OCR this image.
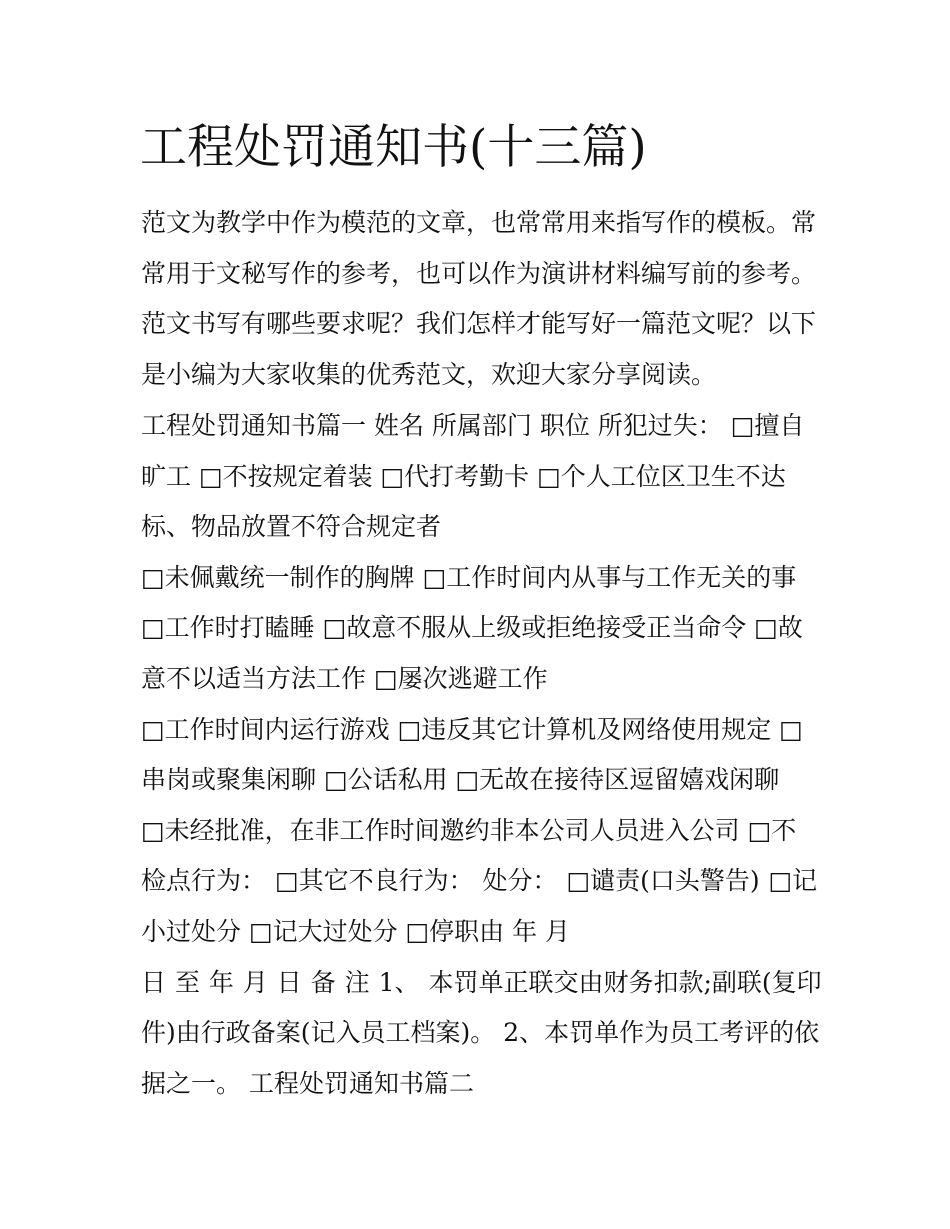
工程处罚通知书(十三篇)

范文为教学中作为模范的文章，也常常用来指写作的模板。常

常用于文秘写作的参考，也可以作为演讲材料编写前的参考。

范文书写有哪些要求呢？我们怎样才能写好一篇范文呢？以下

是小编为大家收集的优秀范文，欢迎大家分享阅读。

工程处罚通知书篇一 姓名 所属部门 职位 所犯过失： □擅自

旷工 □不按规定着装 □代打考勤卡 □个人工位区卫生不达

标、物品放置不符合规定者

□未佩戴统一制作的胸牌 □工作时间内从事与工作无关的事

□工作时打瞌睡 □故意不服从上级或拒绝接受正当命令 □故

意不以适当方法工作 □屡次逃避工作

□工作时间内运行游戏 □违反其它计算机及网络使用规定 □

串岗或聚集闲聊 □公话私用 □无故在接待区逗留嬉戏闲聊

□未经批准，在非工作时间邀约非本公司人员进入公司 □不

检点行为： □其它不良行为： 处分： □谴责(口头警告) □记

小过处分 □记大过处分 □停职由 年 月

日 至 年 月 日 备 注 1、 本罚单正联交由财务扣款;副联(复印

件)由行政备案(记入员工档案)。 2、本罚单作为员工考评的依

据之一。 工程处罚通知书篇二
